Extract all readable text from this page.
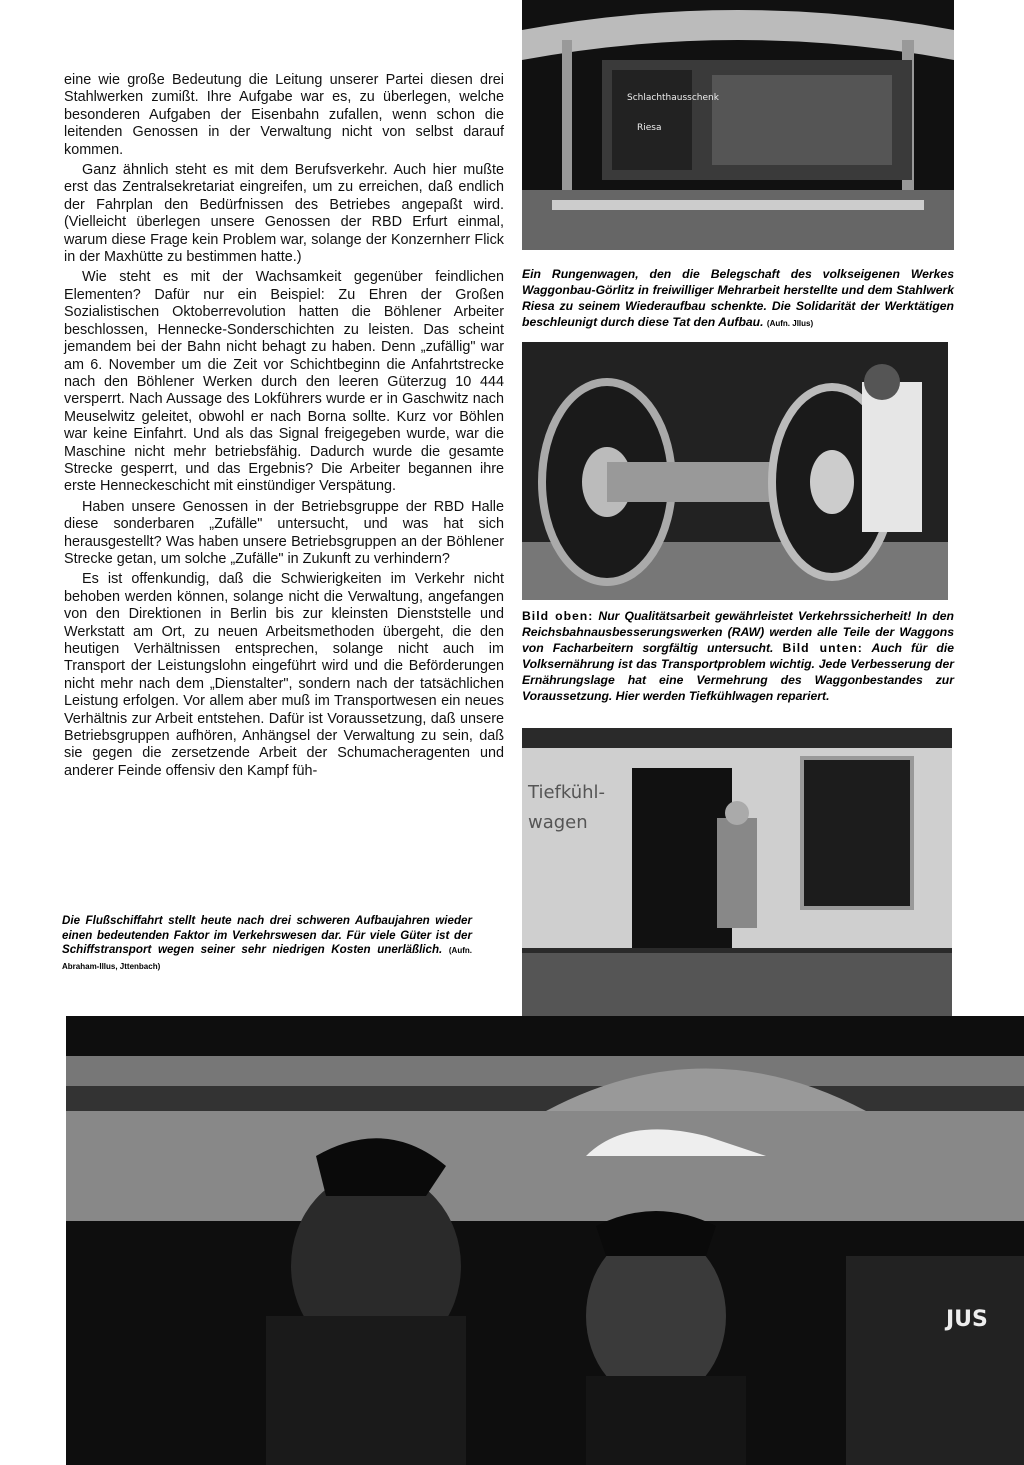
eine wie große Bedeutung die Leitung unserer Partei diesen drei Stahlwerken zumißt. Ihre Aufgabe war es, zu überlegen, welche besonderen Aufgaben der Eisenbahn zufallen, wenn schon die leitenden Genossen in der Verwaltung nicht von selbst darauf kommen.

Ganz ähnlich steht es mit dem Berufsverkehr. Auch hier mußte erst das Zentralsekretariat eingreifen, um zu erreichen, daß endlich der Fahrplan den Bedürfnissen des Betriebes angepaßt wird. (Vielleicht überlegen unsere Genossen der RBD Erfurt einmal, warum diese Frage kein Problem war, solange der Konzernherr Flick in der Maxhütte zu bestimmen hatte.)

Wie steht es mit der Wachsamkeit gegenüber feindlichen Elementen? Dafür nur ein Beispiel: Zu Ehren der Großen Sozialistischen Oktoberrevolution hatten die Böhlener Arbeiter beschlossen, Hennecke-Sonderschichten zu leisten. Das scheint jemandem bei der Bahn nicht behagt zu haben. Denn „zufällig" war am 6. November um die Zeit vor Schichtbeginn die Anfahrtstrecke nach den Böhlener Werken durch den leeren Güterzug 10 444 versperrt. Nach Aussage des Lokführers wurde er in Gaschwitz nach Meuselwitz geleitet, obwohl er nach Borna sollte. Kurz vor Böhlen war keine Einfahrt. Und als das Signal freigegeben wurde, war die Maschine nicht mehr betriebsfähig. Dadurch wurde die gesamte Strecke gesperrt, und das Ergebnis? Die Arbeiter begannen ihre erste Henneckeschicht mit einstündiger Verspätung.

Haben unsere Genossen in der Betriebsgruppe der RBD Halle diese sonderbaren „Zufälle" untersucht, und was hat sich herausgestellt? Was haben unsere Betriebsgruppen an der Böhlener Strecke getan, um solche „Zufälle" in Zukunft zu verhindern?

Es ist offenkundig, daß die Schwierigkeiten im Verkehr nicht behoben werden können, solange nicht die Verwaltung, angefangen von den Direktionen in Berlin bis zur kleinsten Dienststelle und Werkstatt am Ort, zu neuen Arbeitsmethoden übergeht, die den heutigen Verhältnissen entsprechen, solange nicht auch im Transport der Leistungslohn eingeführt wird und die Beförderungen nicht mehr nach dem „Dienstalter", sondern nach der tatsächlichen Leistung erfolgen. Vor allem aber muß im Transportwesen ein neues Verhältnis zur Arbeit entstehen. Dafür ist Voraussetzung, daß unsere Betriebsgruppen aufhören, Anhängsel der Verwaltung zu sein, daß sie gegen die zersetzende Arbeit der Schumacheragenten und anderer Feinde offensiv den Kampf füh-

Schlachthausschenk
Riesa
Ein Rungenwagen, den die Belegschaft des volkseigenen Werkes Waggonbau-Görlitz in freiwilliger Mehrarbeit herstellte und dem Stahlwerk Riesa zu seinem Wiederaufbau schenkte. Die Solidarität der Werktätigen beschleunigt durch diese Tat den Aufbau. (Aufn. Jllus)
Bild oben: Nur Qualitätsarbeit gewährleistet Verkehrssicherheit! In den Reichsbahnausbesserungswerken (RAW) werden alle Teile der Waggons von Facharbeitern sorgfältig untersucht. Bild unten: Auch für die Volksernährung ist das Transportproblem wichtig. Jede Verbesserung der Ernährungslage hat eine Vermehrung des Waggonbestandes zur Voraussetzung. Hier werden Tiefkühlwagen repariert.
Tiefkühl-
wagen
JUS
Die Flußschiffahrt stellt heute nach drei schweren Aufbaujahren wieder einen bedeutenden Faktor im Verkehrswesen dar. Für viele Güter ist der Schiffstransport wegen seiner sehr niedrigen Kosten unerläßlich. (Aufn. Abraham-Illus, Jttenbach)
